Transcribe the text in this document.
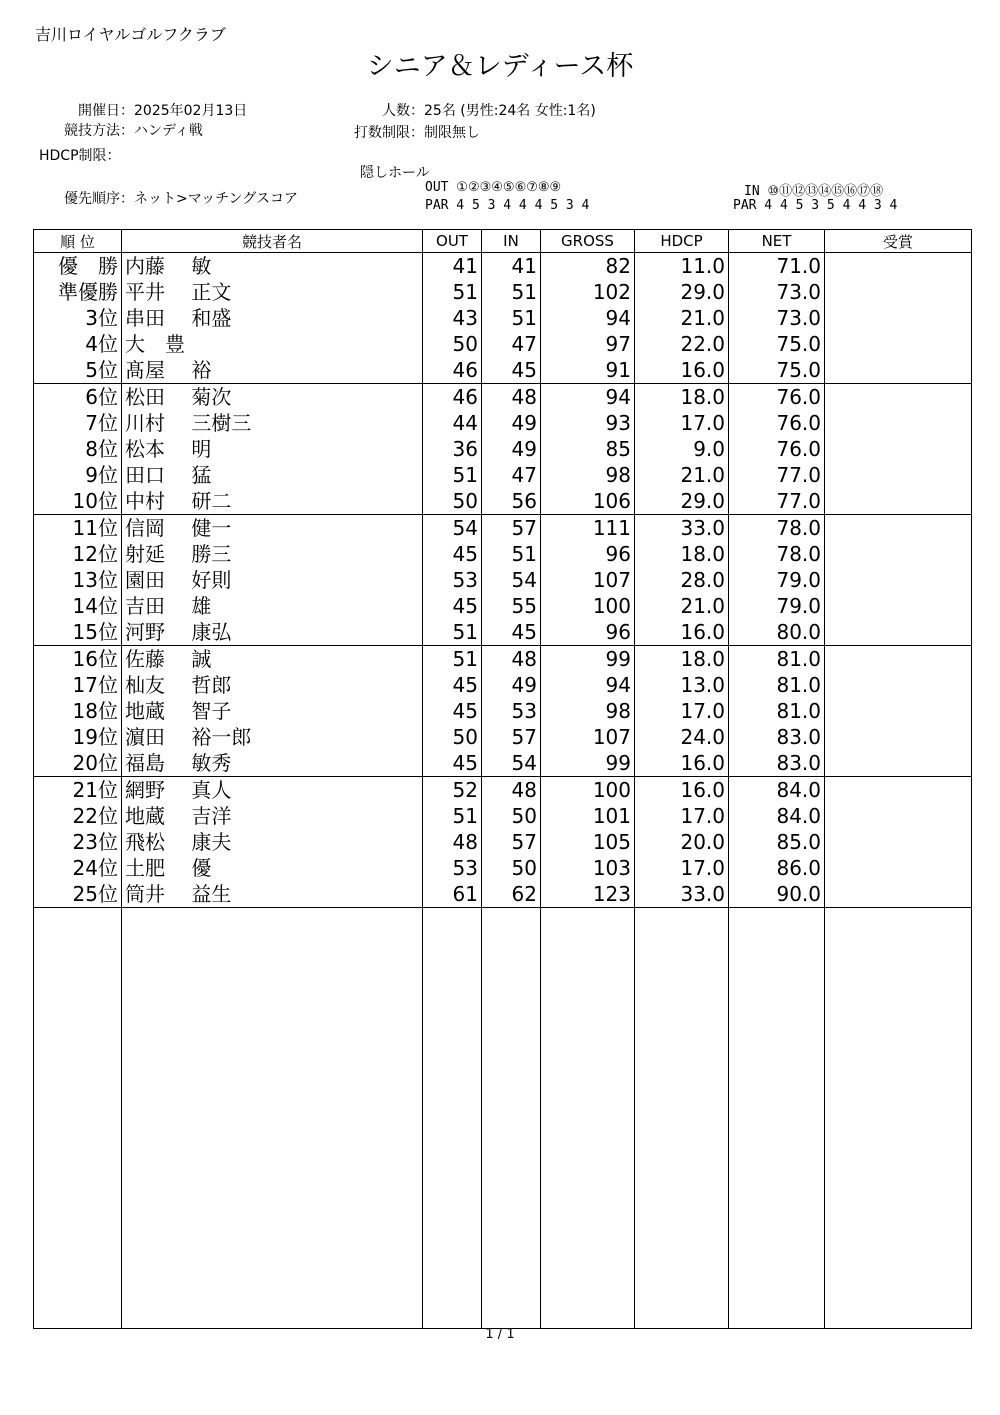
吉川ロイヤルゴルフクラブ
シニア＆レディース杯
開催日 ：2025年02月13日
競技方法 ：ハンディ戦
HDCP制限：
優先順序 ：ネット>マッチングスコア
人数 ：25名 (男性:24名 女性:1名)
打数制限 ：制限無し
隠しホール
OUT ①②③④⑤⑥⑦⑧⑨
PAR 4 5 3 4 4 4 5 3 4
IN ⑩⑪⑫⑬⑭⑮⑯⑰⑱
PAR 4 4 5 3 5 4 4 3 4
順 位	競技者名	OUT	IN	GROSS	HDCP	NET	受賞
優　勝	内藤　 敏	41	41	82	11.0	71.0	
準優勝	平井　 正文	51	51	102	29.0	73.0	
3位	串田　 和盛	43	51	94	21.0	73.0	
4位	大　豊	50	47	97	22.0	75.0	
5位	髙屋　 裕	46	45	91	16.0	75.0	
6位	松田　 菊次	46	48	94	18.0	76.0	
7位	川村　 三樹三	44	49	93	17.0	76.0	
8位	松本　 明	36	49	85	9.0	76.0	
9位	田口　 猛	51	47	98	21.0	77.0	
10位	中村　 研二	50	56	106	29.0	77.0	
11位	信岡　 健一	54	57	111	33.0	78.0	
12位	射延　 勝三	45	51	96	18.0	78.0	
13位	園田　 好則	53	54	107	28.0	79.0	
14位	吉田　 雄	45	55	100	21.0	79.0	
15位	河野　 康弘	51	45	96	16.0	80.0	
16位	佐藤　 誠	51	48	99	18.0	81.0	
17位	杣友　 哲郎	45	49	94	13.0	81.0	
18位	地蔵　 智子	45	53	98	17.0	81.0	
19位	濵田　 裕一郎	50	57	107	24.0	83.0	
20位	福島　 敏秀	45	54	99	16.0	83.0	
21位	網野　 真人	52	48	100	16.0	84.0	
22位	地蔵　 吉洋	51	50	101	17.0	84.0	
23位	飛松　 康夫	48	57	105	20.0	85.0	
24位	土肥　 優	53	50	103	17.0	86.0	
25位	筒井　 益生	61	62	123	33.0	90.0	

1 / 1
